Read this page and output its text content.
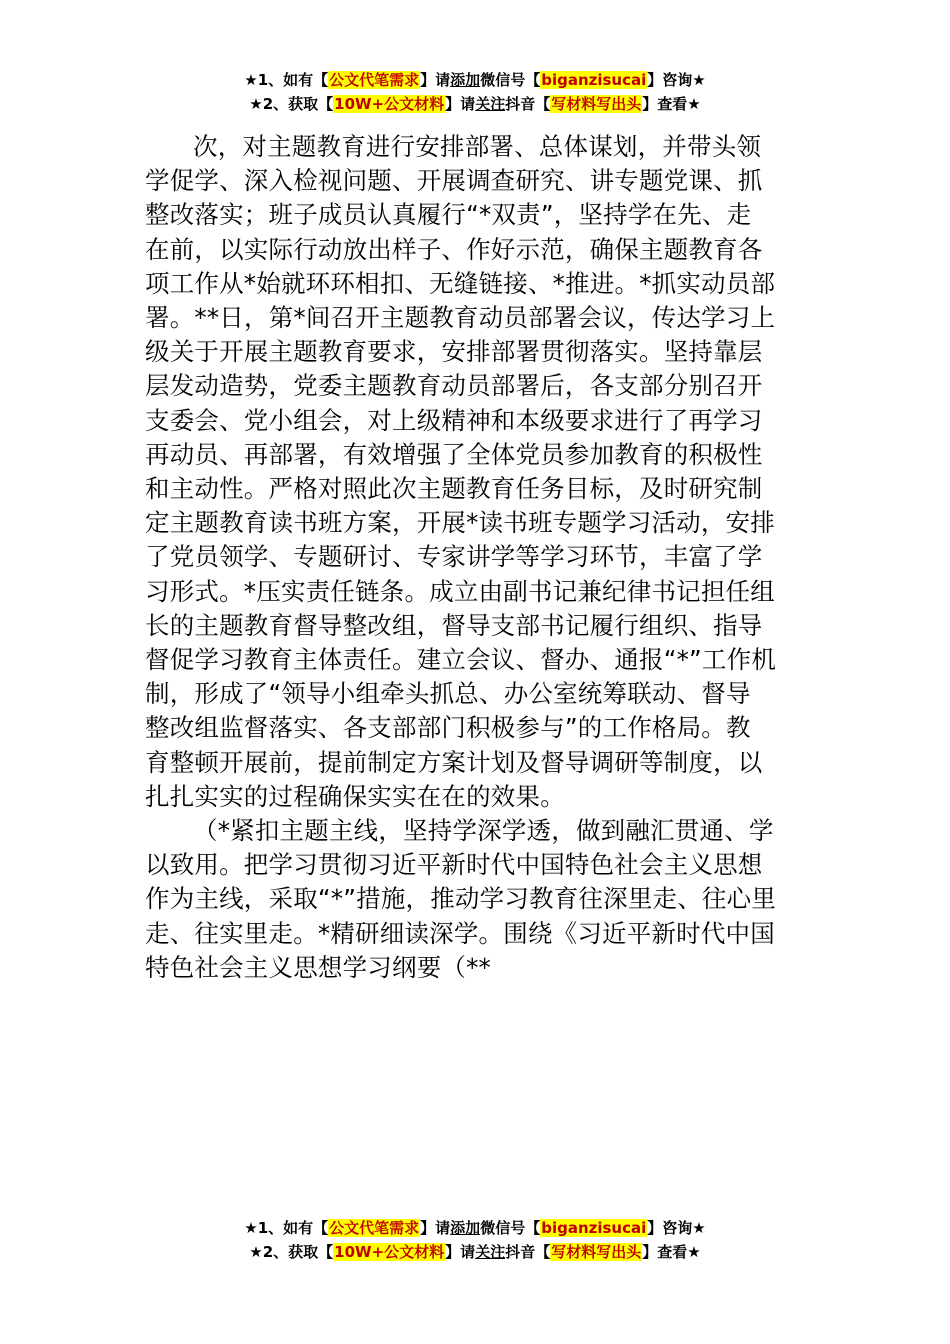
★1、如有【公文代笔需求】请添加微信号【biganzisucai】咨询★
★2、获取【10W+公文材料】请关注抖音【写材料写出头】查看★
次，对主题教育进行安排部署、总体谋划，并带头领
学促学、深入检视问题、开展调查研究、讲专题党课、抓
整改落实；班子成员认真履行“*双责”，坚持学在先、走
在前，以实际行动放出样子、作好示范，确保主题教育各
项工作从*始就环环相扣、无缝链接、*推进。*抓实动员部
署。**日，第*间召开主题教育动员部署会议，传达学习上
级关于开展主题教育要求，安排部署贯彻落实。坚持靠层
层发动造势，党委主题教育动员部署后，各支部分别召开
支委会、党小组会，对上级精神和本级要求进行了再学习
再动员、再部署，有效增强了全体党员参加教育的积极性
和主动性。严格对照此次主题教育任务目标，及时研究制
定主题教育读书班方案，开展*读书班专题学习活动，安排
了党员领学、专题研讨、专家讲学等学习环节，丰富了学
习形式。*压实责任链条。成立由副书记兼纪律书记担任组
长的主题教育督导整改组，督导支部书记履行组织、指导
督促学习教育主体责任。建立会议、督办、通报“*”工作机
制，形成了“领导小组牵头抓总、办公室统筹联动、督导
整改组监督落实、各支部部门积极参与”的工作格局。教
育整顿开展前，提前制定方案计划及督导调研等制度，以
扎扎实实的过程确保实实在在的效果。
（*紧扣主题主线，坚持学深学透，做到融汇贯通、学
以致用。把学习贯彻习近平新时代中国特色社会主义思想
作为主线，采取“*”措施，推动学习教育往深里走、往心里
走、往实里走。*精研细读深学。围绕《习近平新时代中国
特色社会主义思想学习纲要（**
★1、如有【公文代笔需求】请添加微信号【biganzisucai】咨询★
★2、获取【10W+公文材料】请关注抖音【写材料写出头】查看★
